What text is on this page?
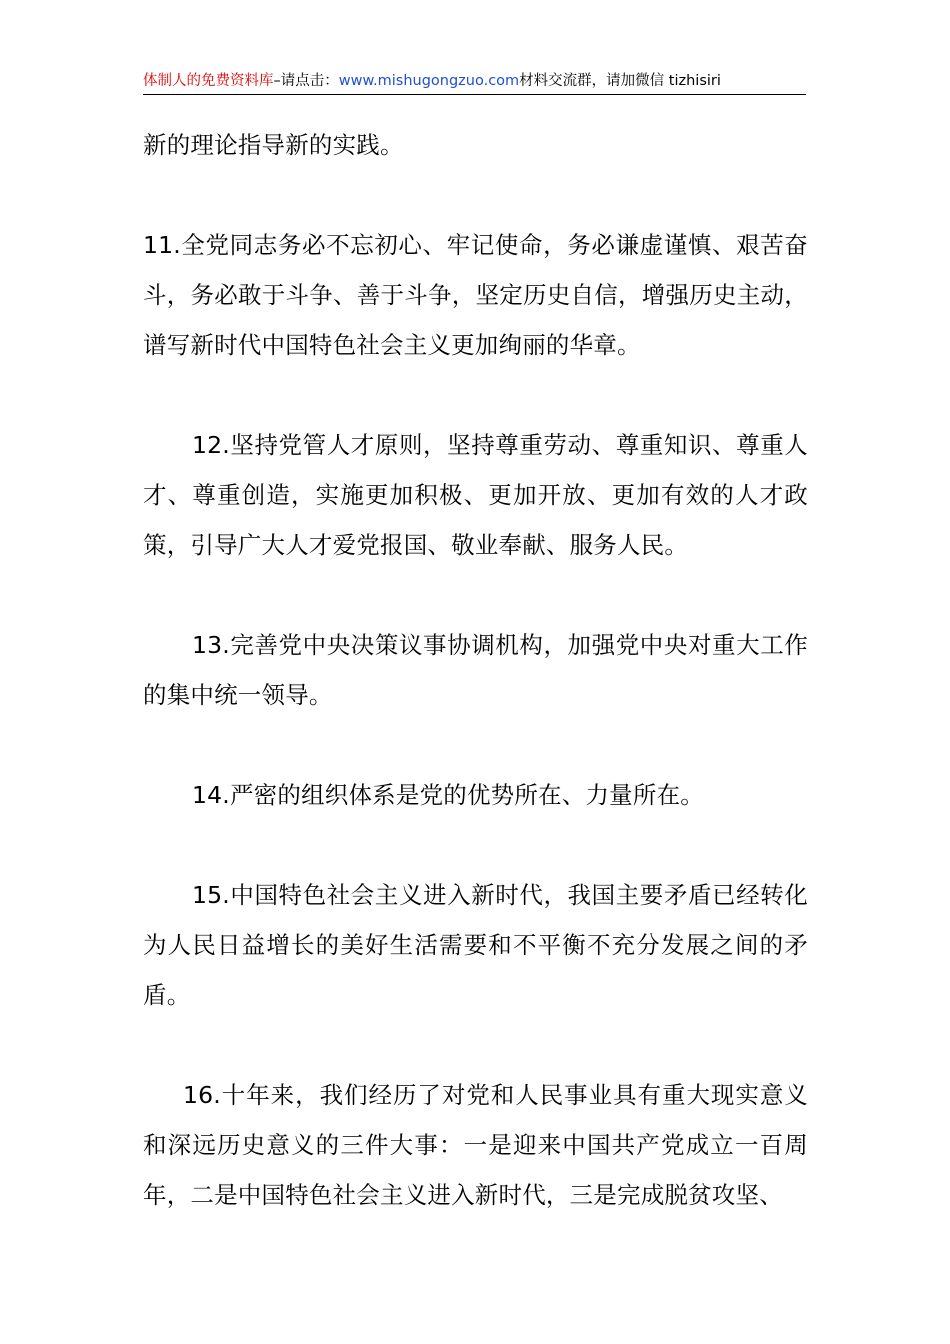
体制人的免费资料库–请点击：www.mishugongzuo.com材料交流群，请加微信 tizhisiri

新的理论指导新的实践。

11.全党同志务必不忘初心、牢记使命，务必谦虚谨慎、艰苦奋斗，务必敢于斗争、善于斗争，坚定历史自信，增强历史主动，谱写新时代中国特色社会主义更加绚丽的华章。

12.坚持党管人才原则，坚持尊重劳动、尊重知识、尊重人才、尊重创造，实施更加积极、更加开放、更加有效的人才政策，引导广大人才爱党报国、敬业奉献、服务人民。

13.完善党中央决策议事协调机构，加强党中央对重大工作的集中统一领导。

14.严密的组织体系是党的优势所在、力量所在。

15.中国特色社会主义进入新时代，我国主要矛盾已经转化为人民日益增长的美好生活需要和不平衡不充分发展之间的矛盾。

16.十年来，我们经历了对党和人民事业具有重大现实意义和深远历史意义的三件大事：一是迎来中国共产党成立一百周年，二是中国特色社会主义进入新时代，三是完成脱贫攻坚、
